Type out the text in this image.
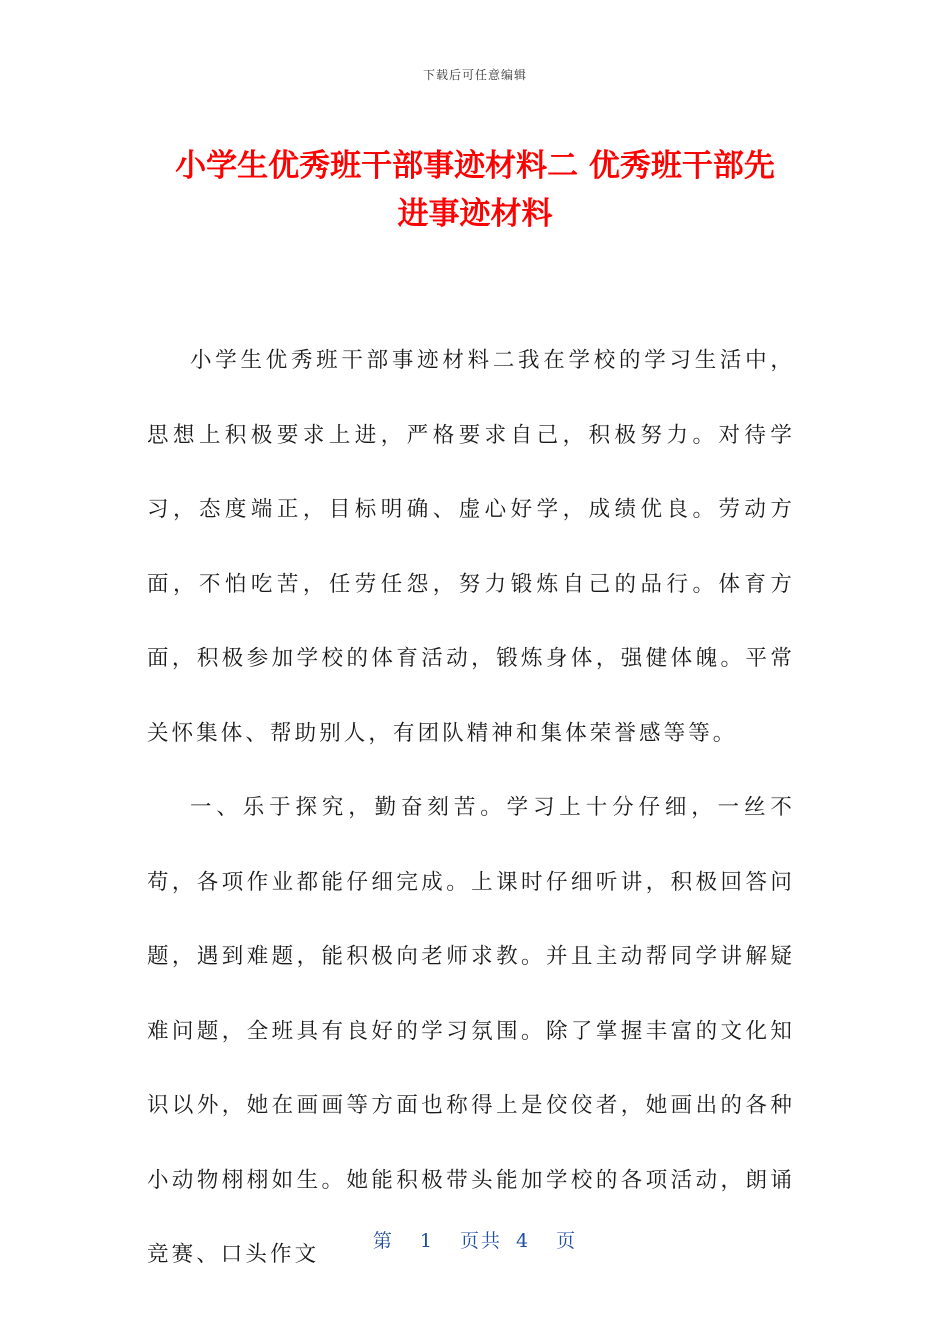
下载后可任意编辑
小学生优秀班干部事迹材料二 优秀班干部先
进事迹材料

小学生优秀班干部事迹材料二我在学校的学习生活中，思想上积极要求上进，严格要求自己，积极努力。对待学习，态度端正，目标明确、虚心好学，成绩优良。劳动方面，不怕吃苦，任劳任怨，努力锻炼自己的品行。体育方面，积极参加学校的体育活动，锻炼身体，强健体魄。平常关怀集体、帮助别人，有团队精神和集体荣誉感等等。

一、乐于探究，勤奋刻苦。学习上十分仔细，一丝不苟，各项作业都能仔细完成。上课时仔细听讲，积极回答问题，遇到难题，能积极向老师求教。并且主动帮同学讲解疑难问题，全班具有良好的学习氛围。除了掌握丰富的文化知识以外，她在画画等方面也称得上是佼佼者，她画出的各种小动物栩栩如生。她能积极带头能加学校的各项活动，朗诵竞赛、口头作文

第 1 页共 4 页
